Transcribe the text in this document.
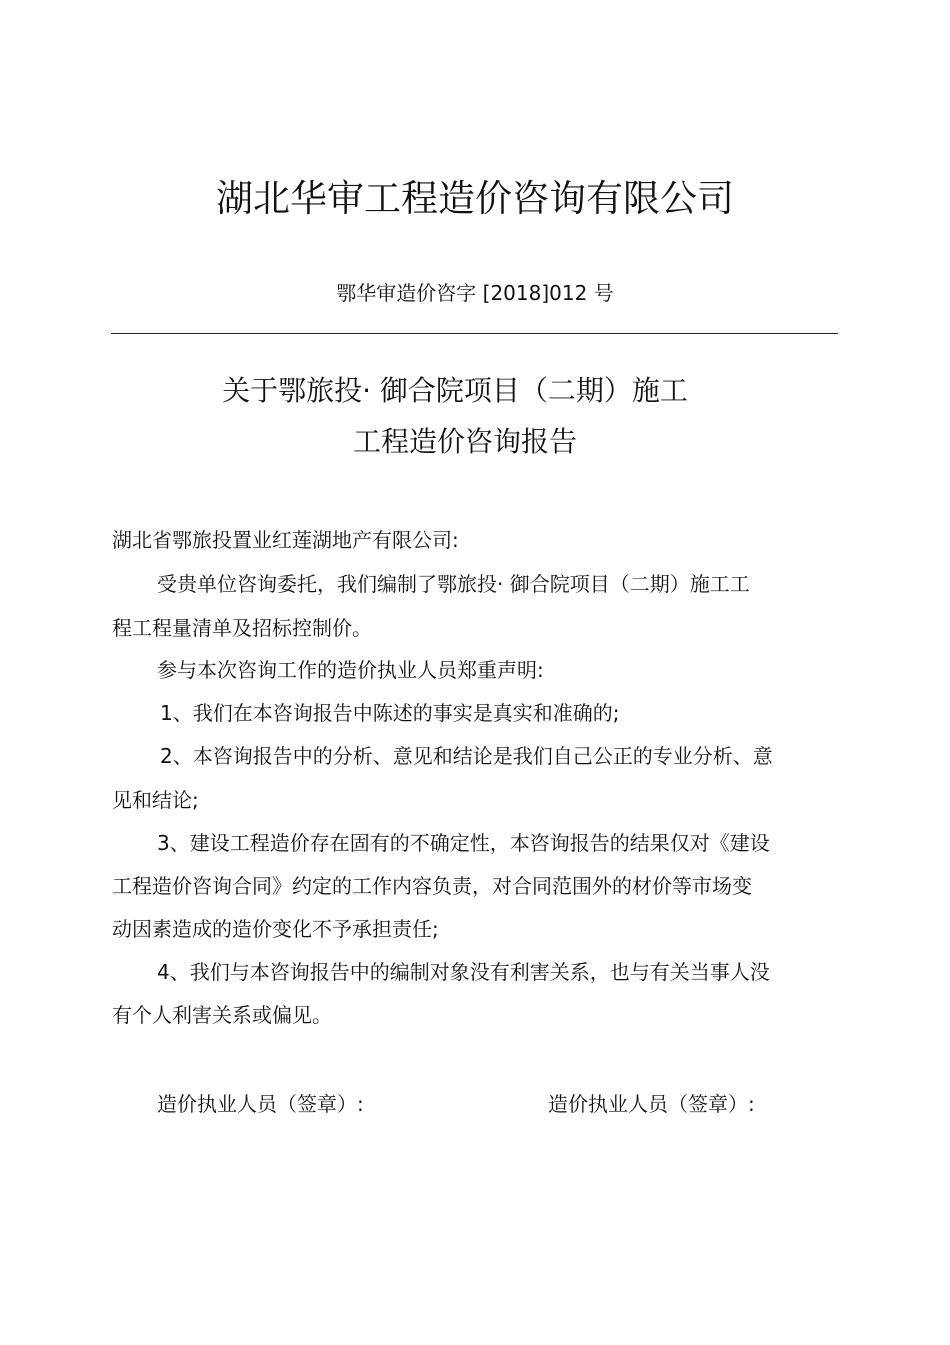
湖北华审工程造价咨询有限公司
鄂华审造价咨字 [2018]012 号
关于鄂旅投· 御合院项目（二期）施工
工程造价咨询报告
湖北省鄂旅投置业红莲湖地产有限公司:
受贵单位咨询委托，我们编制了鄂旅投· 御合院项目（二期）施工工
程工程量清单及招标控制价。
参与本次咨询工作的造价执业人员郑重声明:
1、我们在本咨询报告中陈述的事实是真实和准确的;
2、本咨询报告中的分析、意见和结论是我们自己公正的专业分析、意
见和结论;
3、建设工程造价存在固有的不确定性，本咨询报告的结果仅对《建设
工程造价咨询合同》约定的工作内容负责，对合同范围外的材价等市场变
动因素造成的造价变化不予承担责任;
4、我们与本咨询报告中的编制对象没有利害关系，也与有关当事人没
有个人利害关系或偏见。
造价执业人员（签章）:	造价执业人员（签章）:
